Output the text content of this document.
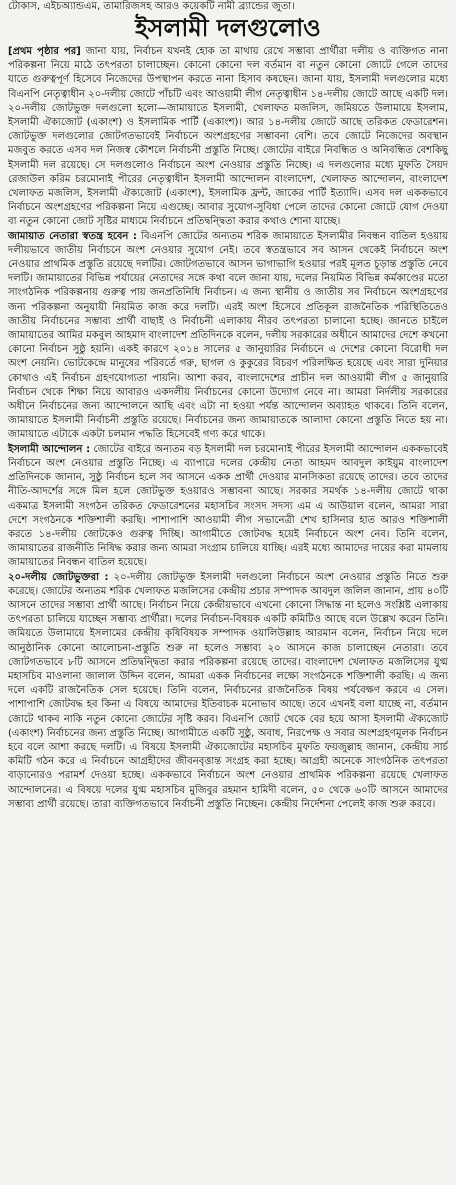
টোকাস, এইচঅ্যান্ডএম, তামারিজসহ আরও কয়েকটি নামী ব্র্যান্ডের জুতা।
ইসলামী দলগুলোও

[প্রথম পৃষ্ঠার পর] জানা যায়, নির্বাচন যখনই হোক তা মাথায় রেখে সম্ভাব্য প্রার্থীরা দলীয় ও ব্যক্তিগত নানা পরিকল্পনা নিয়ে মাঠে তৎপরতা চালাচ্ছেন। কোনো কোনো দল বর্তমান বা নতুন কোনো জোটে গেলে তাদের যাতে গুরুত্বপূর্ণ হিসেবে নিজেদের উপস্থাপন করতে নানা হিসাব কষছেন। জানা যায়, ইসলামী দলগুলোর মধ্যে বিএনপি নেতৃত্বাধীন ২০-দলীয় জোটে পাঁচটি এবং আওয়ামী লীগ নেতৃত্বাধীন ১৪-দলীয় জোটে আছে একটি দল। ২০-দলীয় জোটভুক্ত দলগুলো হলো—জামায়াতে ইসলামী, খেলাফত মজলিস, জমিয়তে উলামায়ে ইসলাম, ইসলামী ঐক্যজোট (একাংশ) ও ইসলামিক পার্টি (একাংশ)। আর ১৪-দলীয় জোটে আছে তরিকত ফেডারেশন। জোটভুক্ত দলগুলোর জোটগতভাবেই নির্বাচনে অংশগ্রহণের সম্ভাবনা বেশি। তবে জোটে নিজেদের অবস্থান মজবুত করতে এসব দল নিজস্ব কৌশলে নির্বাচনী প্রস্তুতি নিচ্ছে। জোটের বাইরে নিবন্ধিত ও অনিবন্ধিত বেশকিছু ইসলামী দল রয়েছে। সে দলগুলোও নির্বাচনে অংশ নেওয়ার প্রস্তুতি নিচ্ছে। এ দলগুলোর মধ্যে মুফতি সৈয়দ রেজাউল করিম চরমোনাই পীরের নেতৃত্বাধীন ইসলামী আন্দোলন বাংলাদেশ, খেলাফত আন্দোলন, বাংলাদেশ খেলাফত মজলিস, ইসলামী ঐক্যজোট (একাংশ), ইসলামিক ফ্রন্ট, জাকের পার্টি ইত্যাদি। এসব দল এককভাবে নির্বাচনে অংশগ্রহণের পরিকল্পনা নিয়ে এগুচ্ছে। আবার সুযোগ-সুবিধা পেলে তাদের কোনো জোটে যোগ দেওয়া বা নতুন কোনো জোট সৃষ্টির মাধ্যমে নির্বাচনে প্রতিদ্বন্দ্বিতা করার কথাও শোনা যাচ্ছে।

জামায়াত নেতারা স্বতন্ত্র হবেন : বিএনপি জোটের অন্যতম শরিক জামায়াতে ইসলামীর নিবন্ধন বাতিল হওয়ায় দলীয়ভাবে জাতীয় নির্বাচনে অংশ নেওয়ার সুযোগ নেই। তবে স্বতন্ত্রভাবে সব আসন থেকেই নির্বাচনে অংশ নেওয়ার প্রাথমিক প্রস্তুতি রয়েছে দলটির। জোটগতভাবে আসন ভাগাভাগি হওয়ার পরই মূলত চূড়ান্ত প্রস্তুতি নেবে দলটি। জামায়াতের বিভিন্ন পর্যায়ের নেতাদের সঙ্গে কথা বলে জানা যায়, দলের নিয়মিত বিভিন্ন কর্মকাণ্ডের মতো সাংগঠনিক পরিকল্পনায় গুরুত্ব পায় জনপ্রতিনিধি নির্বাচন। এ জন্য স্থানীয় ও জাতীয় সব নির্বাচনে অংশগ্রহণের জন্য পরিকল্পনা অনুযায়ী নিয়মিত কাজ করে দলটি। এরই অংশ হিসেবে প্রতিকূল রাজনৈতিক পরিস্থিতিতেও জাতীয় নির্বাচনের সম্ভাব্য প্রার্থী বাছাই ও নির্বাচনী এলাকায় নীরব তৎপরতা চালানো হচ্ছে। জানতে চাইলে জামায়াতের আমির মকবুল আহমাদ বাংলাদেশ প্রতিদিনকে বলেন, দলীয় সরকারের অধীনে আমাদের দেশে কখনো কোনো নির্বাচন সুষ্ঠু হয়নি। একই কারণে ২০১৪ সালের ৫ জানুয়ারির নির্বাচনে এ দেশের কোনো বিরোধী দল অংশ নেয়নি। ভোটকেন্দ্রে মানুষের পরিবর্তে গরু, ছাগল ও কুকুরের বিচরণ পরিলক্ষিত হয়েছে এবং সারা দুনিয়ার কোথাও এই নির্বাচন গ্রহণযোগ্যতা পায়নি। আশা করব, বাংলাদেশের প্রাচীন দল আওয়ামী লীগ ৫ জানুয়ারি নির্বাচন থেকে শিক্ষা নিয়ে আবারও একদলীয় নির্বাচনের কোনো উদ্যোগ নেবে না। আমরা নির্দলীয় সরকারের অধীনে নির্বাচনের জন্য আন্দোলনে আছি এবং এটা না হওয়া পর্যন্ত আন্দোলন অব্যাহত থাকবে। তিনি বলেন, জামায়াতে ইসলামী নির্বাচনী প্রস্তুতি রয়েছে। নির্বাচনের জন্য জামায়াতকে আলাদা কোনো প্রস্তুতি নিতে হয় না। জামায়াতে এটাকে একটা চলমান পদ্ধতি হিসেবেই গণ্য করে থাকে।

ইসলামী আন্দোলন : জোটের বাইরে অন্যতম বড় ইসলামী দল চরমোনাই পীরের ইসলামী আন্দোলন এককভাবেই নির্বাচনে অংশ নেওয়ার প্রস্তুতি নিচ্ছে। এ ব্যাপারে দলের কেন্দ্রীয় নেতা আহমদ আবদুল কাইয়ুম বাংলাদেশ প্রতিদিনকে জানান, সুষ্ঠু নির্বাচন হলে সব আসনে একক প্রার্থী দেওয়ার মানসিকতা রয়েছে তাদের। তবে তাদের নীতি-আদর্শের সঙ্গে মিল হলে জোটভুক্ত হওয়ারও সম্ভাবনা আছে। সরকার সমর্থক ১৪-দলীয় জোটে থাকা একমাত্র ইসলামী সংগঠন তরিকত ফেডারেশনের মহাসচিব সংসদ সদস্য এম এ আউয়াল বলেন, আমরা সারা দেশে সংগঠনকে শক্তিশালী করছি। পাশাপাশি আওয়ামী লীগ সভানেত্রী শেখ হাসিনার হাত আরও শক্তিশালী করতে ১৪-দলীয় জোটকেও গুরুত্ব দিচ্ছি। আগামীতে জোটবদ্ধ হয়েই নির্বাচনে অংশ নেব। তিনি বলেন, জামায়াতের রাজনীতি নিষিদ্ধ করার জন্য আমরা সংগ্রাম চালিয়ে যাচ্ছি। এরই মধ্যে আমাদের দায়ের করা মামলায় জামায়াতের নিবন্ধন বাতিল হয়েছে।

২০-দলীয় জোটভুক্তরা : ২০-দলীয় জোটভুক্ত ইসলামী দলগুলো নির্বাচনে অংশ নেওয়ার প্রস্তুতি নিতে শুরু করেছে। জোটের অন্যতম শরিক খেলাফত মজলিসের কেন্দ্রীয় প্রচার সম্পাদক আবদুল জলিল জানান, প্রায় ৪০টি আসনে তাদের সম্ভাব্য প্রার্থী আছে। নির্বাচন নিয়ে কেন্দ্রীয়ভাবে এখনো কোনো সিদ্ধান্ত না হলেও সংশ্লিষ্ট এলাকায় তৎপরতা চালিয়ে যাচ্ছেন সম্ভাব্য প্রার্থীরা। দলের নির্বাচন-বিষয়ক একটি কমিটিও আছে বলে উল্লেখ করেন তিনি। জমিয়তে উলামায়ে ইসলামের কেন্দ্রীয় কৃষিবিষয়ক সম্পাদক ওয়ালিউল্লাহ আরমান বলেন, নির্বাচন নিয়ে দলে আনুষ্ঠানিক কোনো আলোচনা-প্রস্তুতি শুরু না হলেও সম্ভাব্য ২০ আসনে কাজ চালাচ্ছেন নেতারা। তবে জোটগতভাবে ৮টি আসনে প্রতিদ্বন্দ্বিতা করার পরিকল্পনা রয়েছে তাদের। বাংলাদেশ খেলাফত মজলিসের যুগ্ম মহাসচিব মাওলানা জালাল উদ্দিন বলেন, আমরা একক নির্বাচনের লক্ষ্যে সংগঠনকে শক্তিশালী করছি। এ জন্য দলে একটি রাজনৈতিক সেল হয়েছে। তিনি বলেন, নির্বাচনের রাজনৈতিক বিষয় পর্যবেক্ষণ করবে এ সেল। পাশাপাশি জোটবদ্ধ হব কিনা এ বিষয়ে আমাদের ইতিবাচক মনোভাব আছে। তবে এখনই বলা যাচ্ছে না, বর্তমান জোটে থাকব নাকি নতুন কোনো জোটের সৃষ্টি করব। বিএনপি জোট থেকে বের হয়ে আসা ইসলামী ঐক্যজোট (একাংশ) নির্বাচনের জন্য প্রস্তুতি নিচ্ছে। আগামীতে একটি সুষ্ঠু, অবাধ, নিরপেক্ষ ও সবার অংশগ্রহণমূলক নির্বাচন হবে বলে আশা করছে দলটি। এ বিষয়ে ইসলামী ঐক্যজোটের মহাসচিব মুফতি ফয়জুল্লাহ জানান, কেন্দ্রীয় সার্চ কমিটি গঠন করে এ নির্বাচনে আগ্রহীদের জীবনবৃত্তান্ত সংগ্রহ করা হচ্ছে। আগ্রহী অনেকে সাংগঠনিক তৎপরতা বাড়ানোরও পরামর্শ দেওয়া হচ্ছে। এককভাবে নির্বাচনে অংশ নেওয়ার প্রাথমিক পরিকল্পনা রয়েছে খেলাফত আন্দোলনের। এ বিষয়ে দলের যুগ্ম মহাসচিব মুজিবুর রহমান হামিদী বলেন, ৫০ থেকে ৬০টি আসনে আমাদের সম্ভাব্য প্রার্থী রয়েছে। তারা ব্যক্তিগতভাবে নির্বাচনী প্রস্তুতি নিচ্ছেন। কেন্দ্রীয় নির্দেশনা পেলেই কাজ শুরু করবে।
